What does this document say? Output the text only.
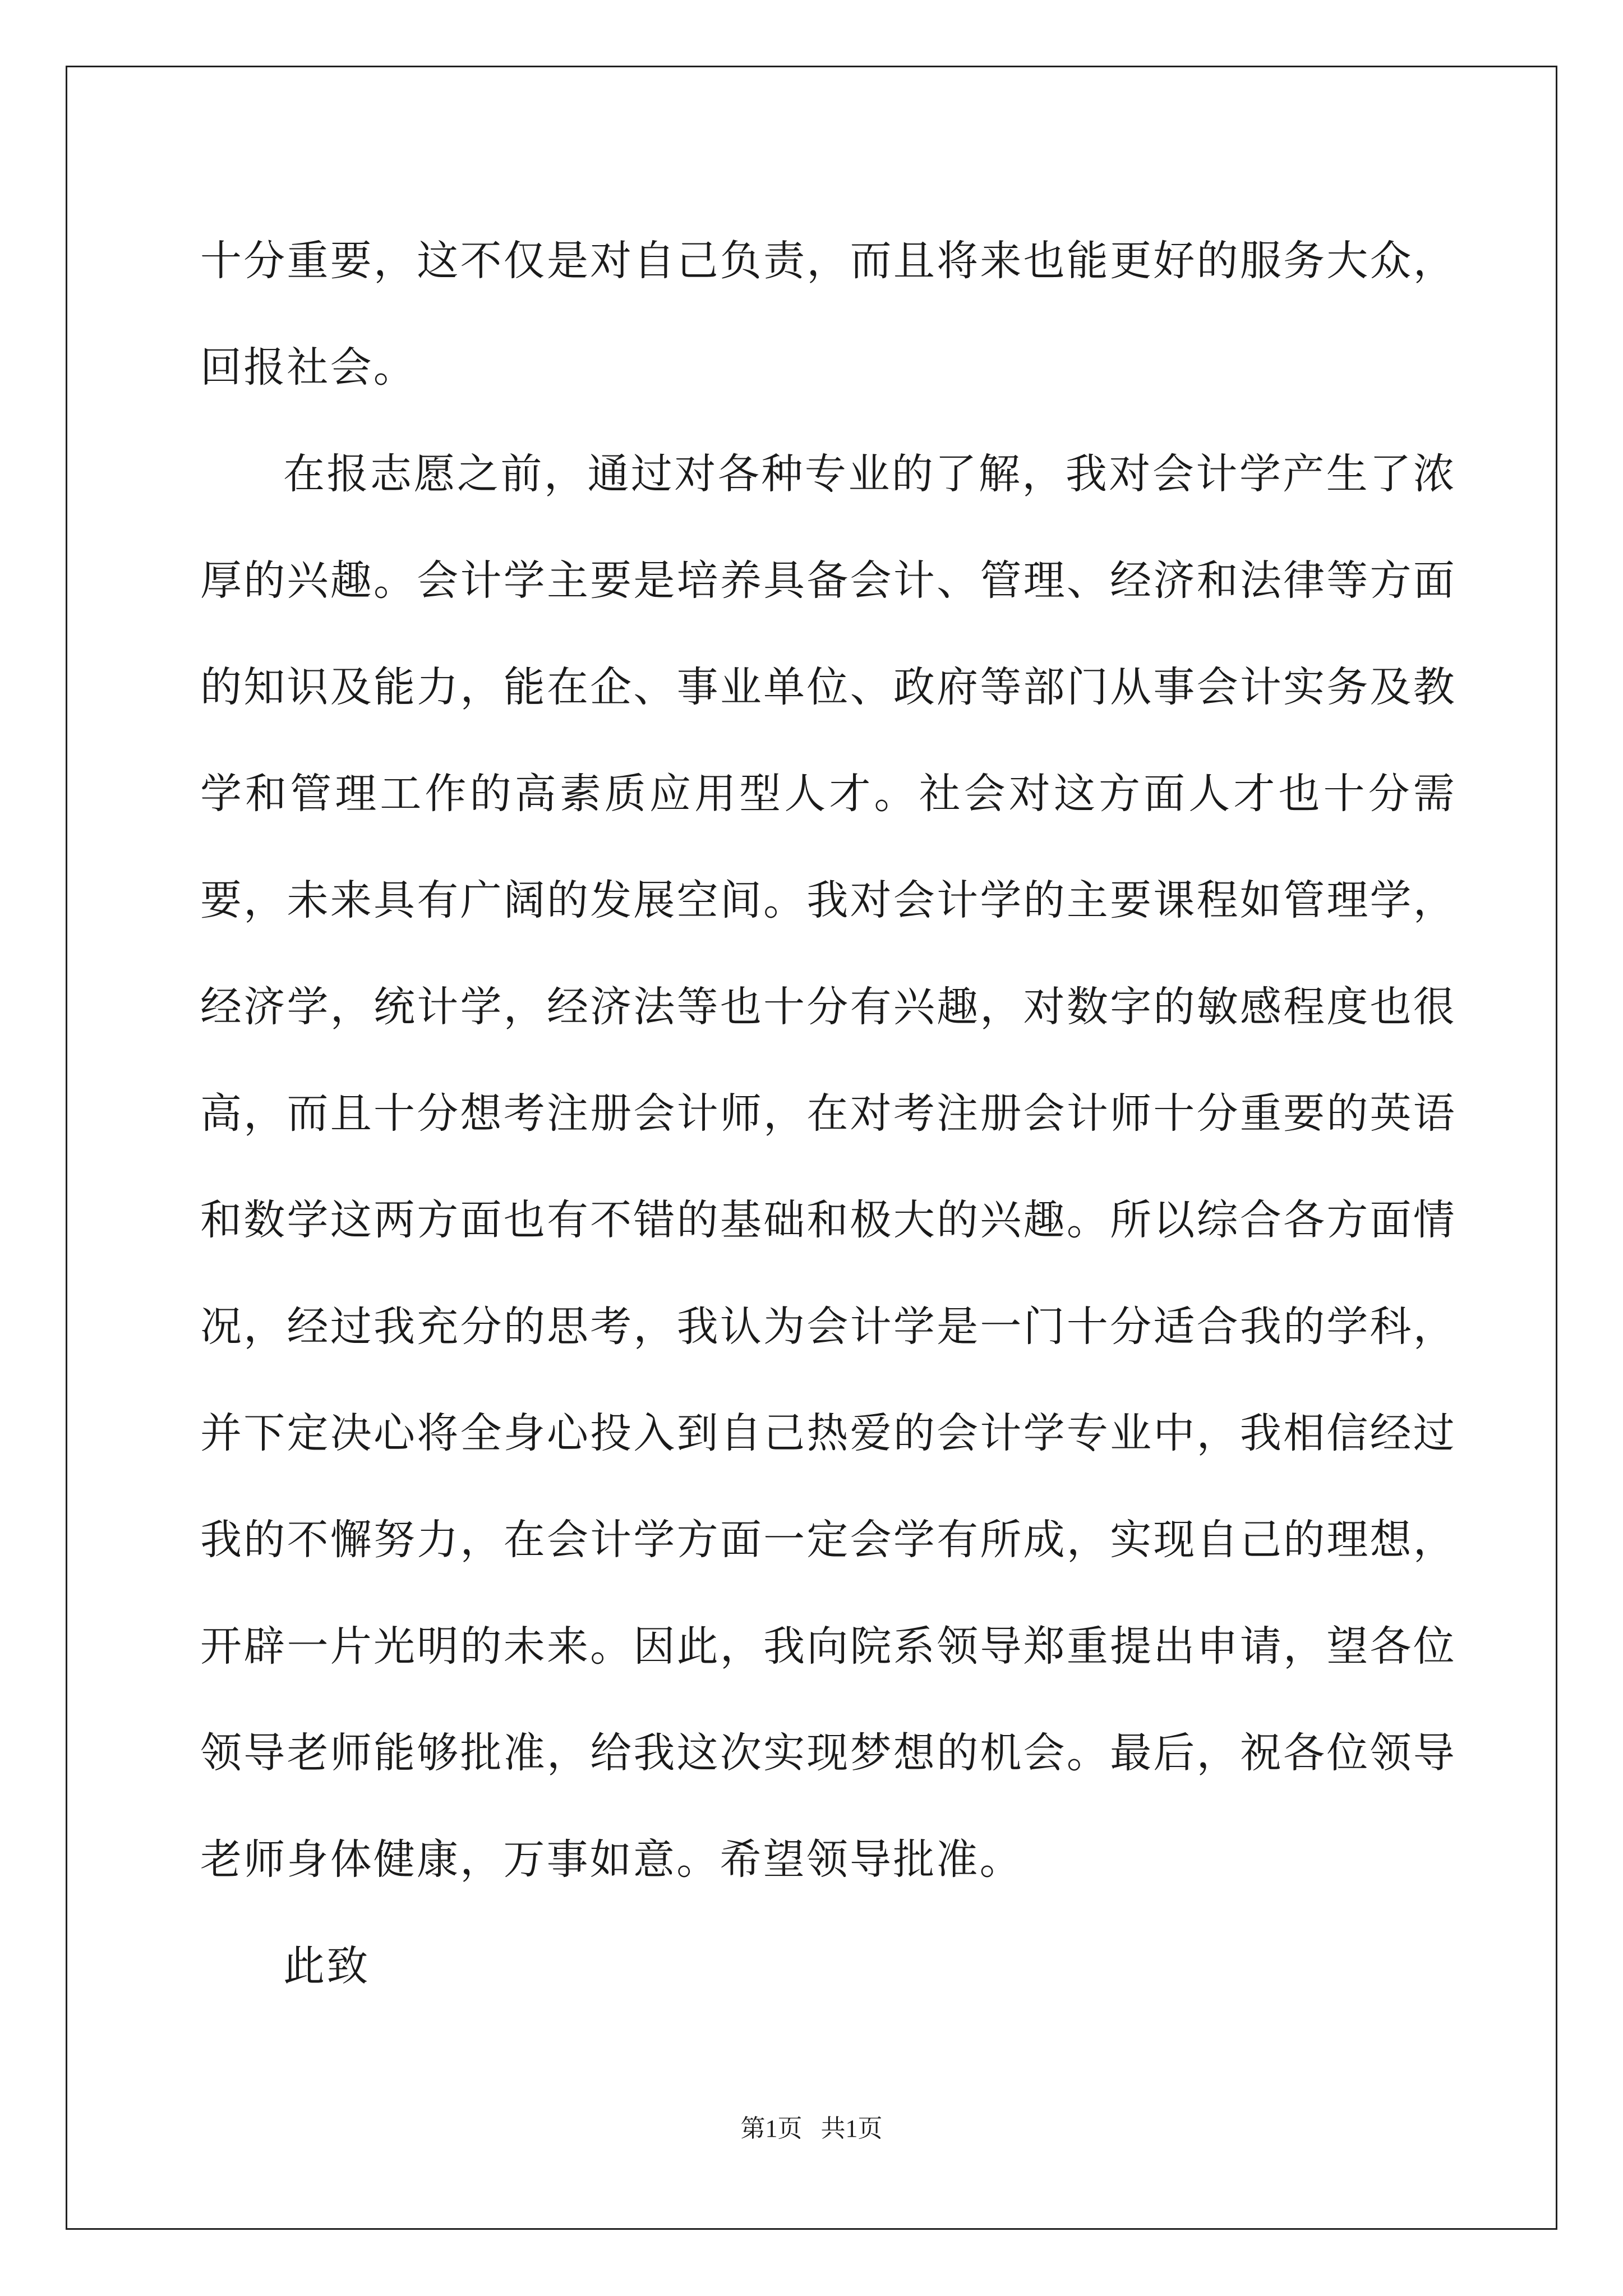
十分重要，这不仅是对自己负责，而且将来也能更好的服务大众，回报社会。

在报志愿之前，通过对各种专业的了解，我对会计学产生了浓厚的兴趣。会计学主要是培养具备会计、管理、经济和法律等方面的知识及能力，能在企、事业单位、政府等部门从事会计实务及教学和管理工作的高素质应用型人才。社会对这方面人才也十分需要，未来具有广阔的发展空间。我对会计学的主要课程如管理学，经济学，统计学，经济法等也十分有兴趣，对数字的敏感程度也很高，而且十分想考注册会计师，在对考注册会计师十分重要的英语和数学这两方面也有不错的基础和极大的兴趣。所以综合各方面情况，经过我充分的思考，我认为会计学是一门十分适合我的学科，并下定决心将全身心投入到自己热爱的会计学专业中，我相信经过我的不懈努力，在会计学方面一定会学有所成，实现自己的理想，开辟一片光明的未来。因此，我向院系领导郑重提出申请，望各位领导老师能够批准，给我这次实现梦想的机会。最后，祝各位领导老师身体健康，万事如意。希望领导批准。

此致

第1页 共1页
